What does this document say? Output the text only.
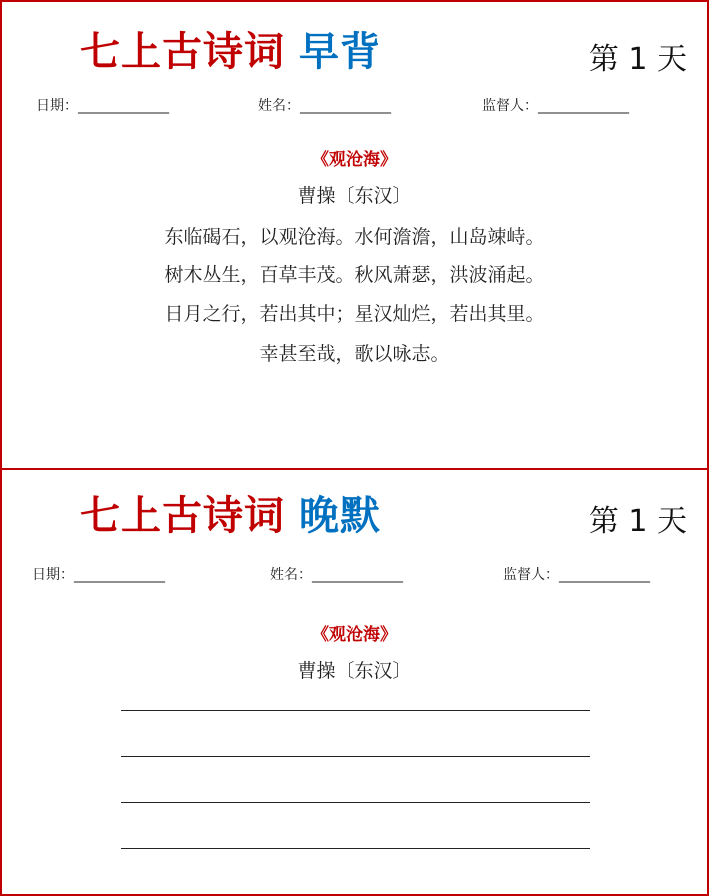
七上古诗词 早背	第 1 天
日期：_____________	姓名：_____________	监督人：_____________
《观沧海》
曹操〔东汉〕
东临碣石，以观沧海。水何澹澹，山岛竦峙。
树木丛生，百草丰茂。秋风萧瑟，洪波涌起。
日月之行，若出其中；星汉灿烂，若出其里。
幸甚至哉，歌以咏志。
七上古诗词 晚默	第 1 天
日期：_____________	姓名：_____________	监督人：_____________
《观沧海》
曹操〔东汉〕
